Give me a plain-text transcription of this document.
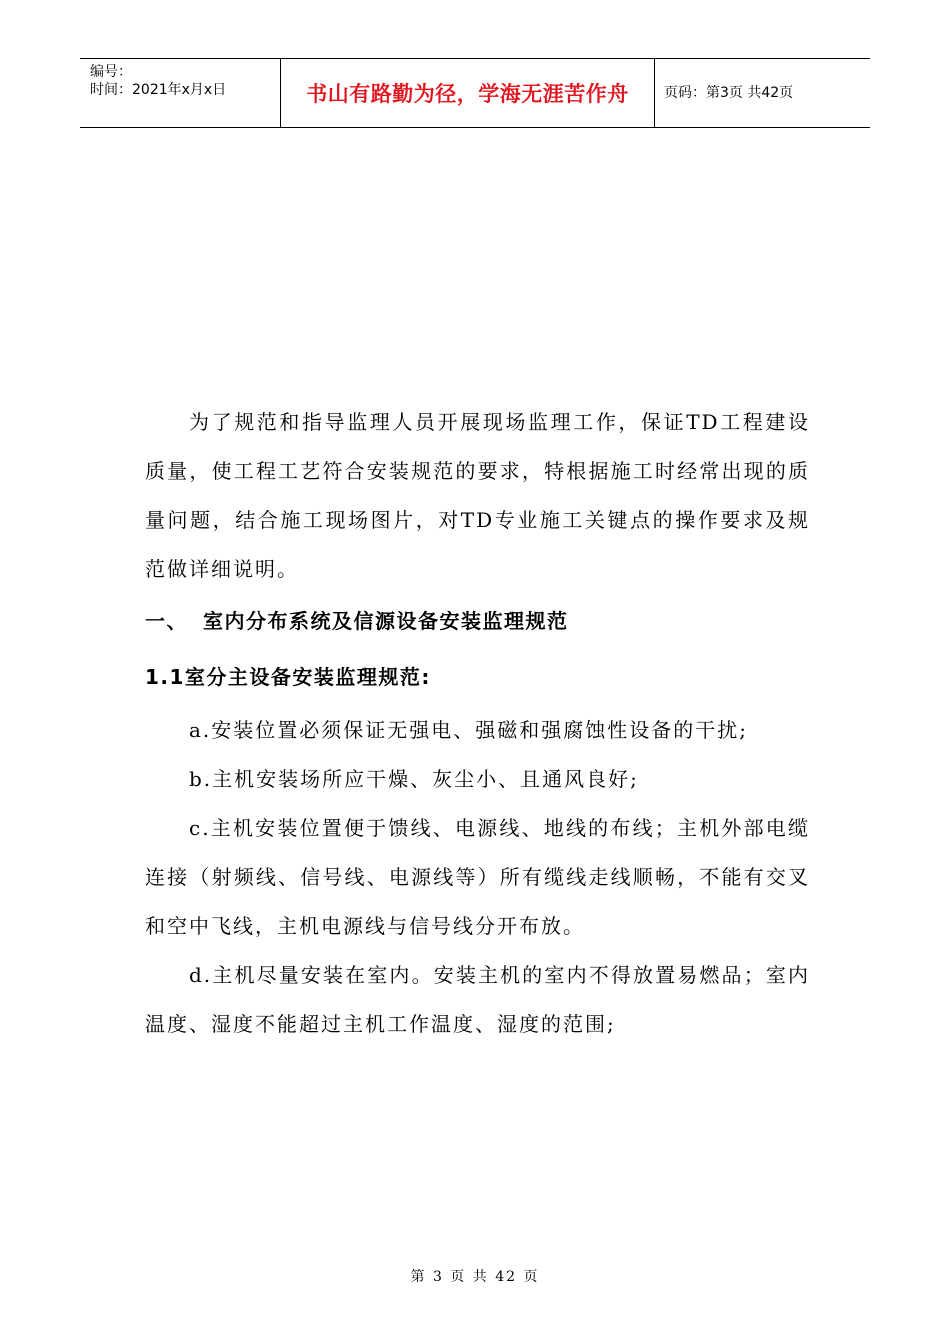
编号：
时间：2021年x月x日	书山有路勤为径，学海无涯苦作舟	页码：第3页 共42页

为了规范和指导监理人员开展现场监理工作，保证TD工程建设质量，使工程工艺符合安装规范的要求，特根据施工时经常出现的质量问题，结合施工现场图片，对TD专业施工关键点的操作要求及规范做详细说明。

一、 室内分布系统及信源设备安装监理规范

1.1室分主设备安装监理规范:

a.安装位置必须保证无强电、强磁和强腐蚀性设备的干扰;

b.主机安装场所应干燥、灰尘小、且通风良好;

c.主机安装位置便于馈线、电源线、地线的布线；主机外部电缆连接（射频线、信号线、电源线等）所有缆线走线顺畅，不能有交叉和空中飞线，主机电源线与信号线分开布放。

d.主机尽量安装在室内。安装主机的室内不得放置易燃品；室内温度、湿度不能超过主机工作温度、湿度的范围;

第 3 页 共 42 页
